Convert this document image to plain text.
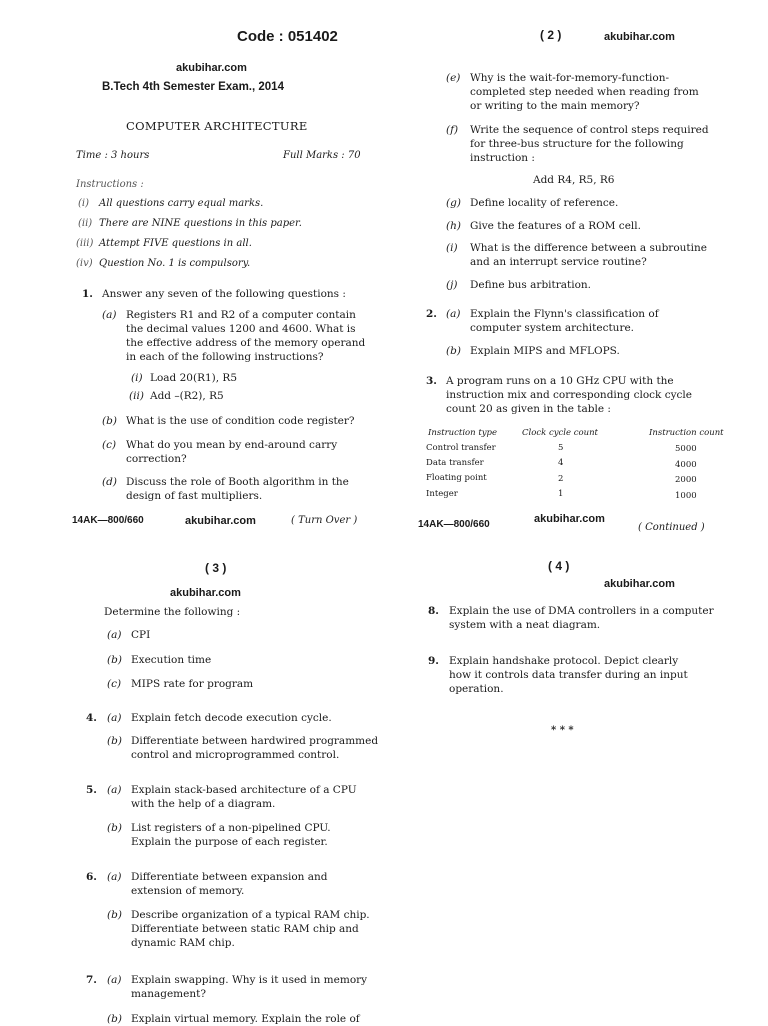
Code : 051402
akubihar.com
B.Tech 4th Semester Exam., 2014
COMPUTER ARCHITECTURE
Time : 3 hours	Full Marks : 70
Instructions :
(i) All questions carry equal marks.
(ii) There are NINE questions in this paper.
(iii) Attempt FIVE questions in all.
(iv) Question No. 1 is compulsory.
1. Answer any seven of the following questions :
(a) Registers R1 and R2 of a computer contain
the decimal values 1200 and 4600. What is
the effective address of the memory operand
in each of the following instructions?
(i) Load 20(R1), R5
(ii) Add –(R2), R5
(b) What is the use of condition code register?
(c) What do you mean by end-around carry
correction?
(d) Discuss the role of Booth algorithm in the
design of fast multipliers.
14AK—800/660	akubihar.com	( Turn Over )
( 2 )	akubihar.com
(e) Why is the wait-for-memory-function-
completed step needed when reading from
or writing to the main memory?
(f) Write the sequence of control steps required
for three-bus structure for the following
instruction :
Add R4, R5, R6
(g) Define locality of reference.
(h) Give the features of a ROM cell.
(i) What is the difference between a subroutine
and an interrupt service routine?
(j) Define bus arbitration.
2. (a) Explain the Flynn's classification of
computer system architecture.
(b) Explain MIPS and MFLOPS.
3. A program runs on a 10 GHz CPU with the
instruction mix and corresponding clock cycle
count 20 as given in the table :
Instruction type	Clock cycle count	Instruction count
Control transfer	5	5000
Data transfer	4	4000
Floating point	2	2000
Integer	1	1000
14AK—800/660	akubihar.com
( Continued )
( 3 )
akubihar.com
Determine the following :
(a) CPI
(b) Execution time
(c) MIPS rate for program
4. (a) Explain fetch decode execution cycle.
(b) Differentiate between hardwired programmed
control and microprogrammed control.
5. (a) Explain stack-based architecture of a CPU
with the help of a diagram.
(b) List registers of a non-pipelined CPU.
Explain the purpose of each register.
6. (a) Differentiate between expansion and
extension of memory.
(b) Describe organization of a typical RAM chip.
Differentiate between static RAM chip and
dynamic RAM chip.
7. (a) Explain swapping. Why is it used in memory
management?
(b) Explain virtual memory. Explain the role of
( 4 )
akubihar.com
8. Explain the use of DMA controllers in a computer
system with a neat diagram.
9. Explain handshake protocol. Depict clearly
how it controls data transfer during an input
operation.
* * *
